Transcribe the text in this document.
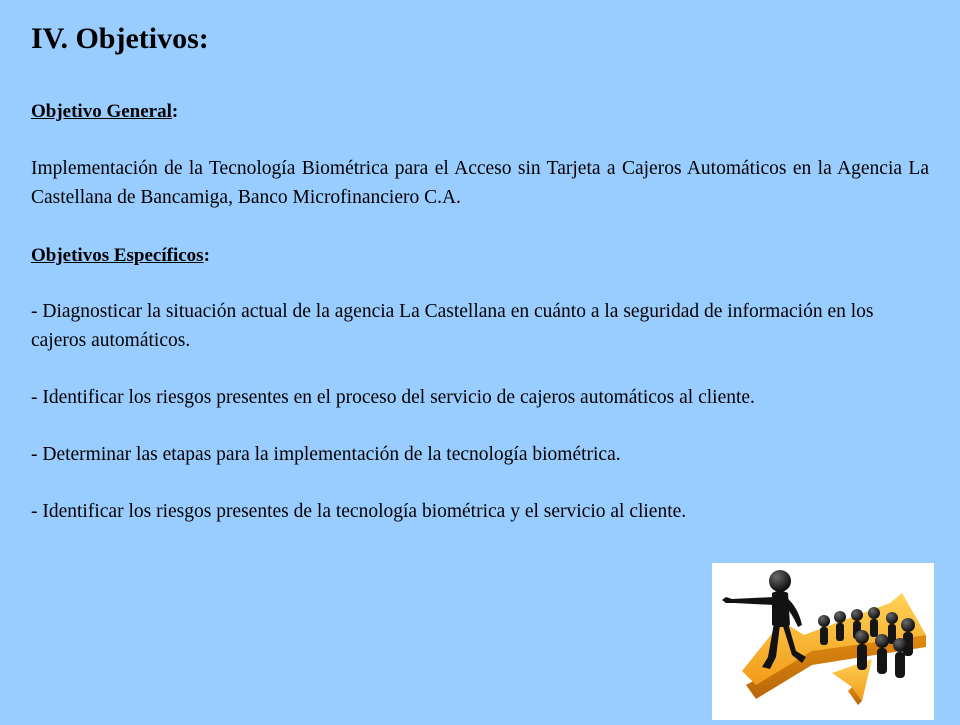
IV. Objetivos:
Objetivo General:

Implementación de la Tecnología Biométrica para el Acceso sin Tarjeta a Cajeros Automáticos en la Agencia La Castellana de Bancamiga, Banco Microfinanciero C.A.

Objetivos Específicos:

- Diagnosticar la situación actual de la agencia La Castellana en cuánto a la seguridad de información en los cajeros automáticos.

- Identificar los riesgos presentes en el proceso del servicio de cajeros automáticos al cliente.

- Determinar las etapas para la implementación de la tecnología biométrica.

- Identificar los riesgos presentes de la tecnología biométrica y el servicio al cliente.
